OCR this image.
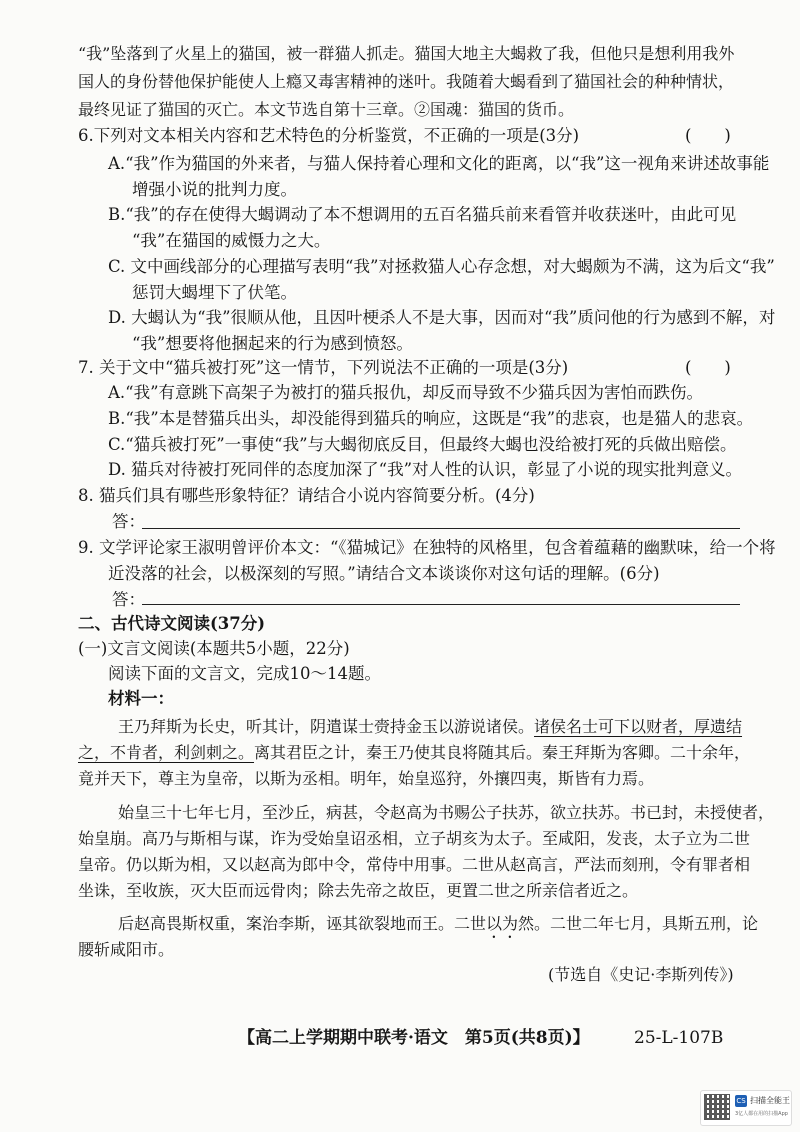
“我”坠落到了火星上的猫国，被一群猫人抓走。猫国大地主大蝎救了我，但他只是想利用我外
国人的身份替他保护能使人上瘾又毒害精神的迷叶。我随着大蝎看到了猫国社会的种种情状，
最终见证了猫国的灭亡。本文节选自第十三章。②国魂：猫国的货币。
6.下列对文本相关内容和艺术特色的分析鉴赏，不正确的一项是(3分)	(　　)
A.“我”作为猫国的外来者，与猫人保持着心理和文化的距离，以“我”这一视角来讲述故事能
增强小说的批判力度。
B.“我”的存在使得大蝎调动了本不想调用的五百名猫兵前来看管并收获迷叶，由此可见
“我”在猫国的威慑力之大。
C. 文中画线部分的心理描写表明“我”对拯救猫人心存念想，对大蝎颇为不满，这为后文“我”
惩罚大蝎埋下了伏笔。
D. 大蝎认为“我”很顺从他，且因叶梗杀人不是大事，因而对“我”质问他的行为感到不解，对
“我”想要将他捆起来的行为感到愤怒。
7. 关于文中“猫兵被打死”这一情节，下列说法不正确的一项是(3分)	(　　)
A.“我”有意跳下高架子为被打的猫兵报仇，却反而导致不少猫兵因为害怕而跌伤。
B.“我”本是替猫兵出头，却没能得到猫兵的响应，这既是“我”的悲哀，也是猫人的悲哀。
C.“猫兵被打死”一事使“我”与大蝎彻底反目，但最终大蝎也没给被打死的兵做出赔偿。
D. 猫兵对待被打死同伴的态度加深了“我”对人性的认识，彰显了小说的现实批判意义。
8. 猫兵们具有哪些形象特征？请结合小说内容简要分析。(4分)
答：
9. 文学评论家王淑明曾评价本文：“《猫城记》在独特的风格里，包含着蕴藉的幽默味，给一个将
近没落的社会，以极深刻的写照。”请结合文本谈谈你对这句话的理解。(6分)
答：
二、古代诗文阅读(37分)
(一)文言文阅读(本题共5小题，22分)
阅读下面的文言文，完成10～14题。
材料一：
王乃拜斯为长史，听其计，阴遣谋士赍持金玉以游说诸侯。诸侯名士可下以财者，厚遗结
之，不肯者，利剑刺之。离其君臣之计，秦王乃使其良将随其后。秦王拜斯为客卿。二十余年，
竟并天下，尊主为皇帝，以斯为丞相。明年，始皇巡狩，外攘四夷，斯皆有力焉。
始皇三十七年七月，至沙丘，病甚，令赵高为书赐公子扶苏，欲立扶苏。书已封，未授使者，
始皇崩。高乃与斯相与谋，诈为受始皇诏丞相，立子胡亥为太子。至咸阳，发丧，太子立为二世
皇帝。仍以斯为相，又以赵高为郎中令，常侍中用事。二世从赵高言，严法而刻刑，令有罪者相
坐诛，至收族，灭大臣而远骨肉；除去先帝之故臣，更置二世之所亲信者近之。
后赵高畏斯权重，案治李斯，诬其欲裂地而王。二世以为然。二世二年七月，具斯五刑，论
腰斩咸阳市。
(节选自《史记·李斯列传》)
【高二上学期期中联考·语文　第5页(共8页)】	25-L-107B
CS 扫描全能王
3亿人都在用的扫描App
